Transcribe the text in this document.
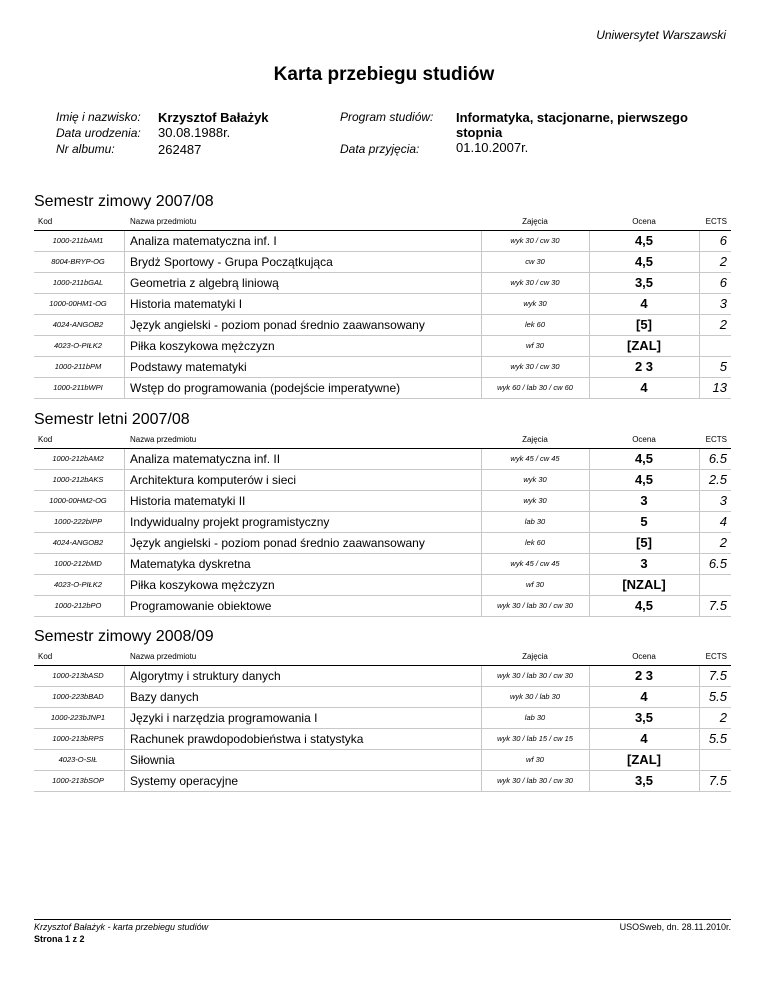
Uniwersytet Warszawski
Karta przebiegu studiów
Imię i nazwisko: Krzysztof Bałażyk
Data urodzenia: 30.08.1988r.
Nr albumu:	262487
Program studiów: Informatyka, stacjonarne, pierwszego stopnia
Data przyjęcia:	01.10.2007r.
Semestr zimowy 2007/08
Kod	Nazwa przedmiotu	Zajęcia	Ocena	ECTS
1000-211bAM1	Analiza matematyczna inf. I	wyk 30 / cw 30	4,5	6
8004-BRYP-OG	Brydż Sportowy - Grupa Początkująca	cw 30	4,5	2
1000-211bGAL	Geometria z algebrą liniową	wyk 30 / cw 30	3,5	6
1000-00HM1-OG	Historia matematyki I	wyk 30	4	3
4024-ANGOB2	Język angielski - poziom ponad średnio zaawansowany	lek 60	[5]	2
4023-O-PIŁK2	Piłka koszykowa mężczyzn	wf 30	[ZAL]
1000-211bPM	Podstawy matematyki	wyk 30 / cw 30	2 3	5
1000-211bWPI	Wstęp do programowania (podejście imperatywne)	wyk 60 / lab 30 / cw 60	4	13
Semestr letni 2007/08
Kod	Nazwa przedmiotu	Zajęcia	Ocena	ECTS
1000-212bAM2	Analiza matematyczna inf. II	wyk 45 / cw 45	4,5	6.5
1000-212bAKS	Architektura komputerów i sieci	wyk 30	4,5	2.5
1000-00HM2-OG	Historia matematyki II	wyk 30	3	3
1000-222bIPP	Indywidualny projekt programistyczny	lab 30	5	4
4024-ANGOB2	Język angielski - poziom ponad średnio zaawansowany	lek 60	[5]	2
1000-212bMD	Matematyka dyskretna	wyk 45 / cw 45	3	6.5
4023-O-PIŁK2	Piłka koszykowa mężczyzn	wf 30	[NZAL]
1000-212bPO	Programowanie obiektowe	wyk 30 / lab 30 / cw 30	4,5	7.5
Semestr zimowy 2008/09
Kod	Nazwa przedmiotu	Zajęcia	Ocena	ECTS
1000-213bASD	Algorytmy i struktury danych	wyk 30 / lab 30 / cw 30	2 3	7.5
1000-223bBAD	Bazy danych	wyk 30 / lab 30	4	5.5
1000-223bJNP1	Języki i narzędzia programowania I	lab 30	3,5	2
1000-213bRPS	Rachunek prawdopodobieństwa i statystyka	wyk 30 / lab 15 / cw 15	4	5.5
4023-O-SIŁ	Siłownia	wf 30	[ZAL]
1000-213bSOP	Systemy operacyjne	wyk 30 / lab 30 / cw 30	3,5	7.5
Krzysztof Bałażyk - karta przebiegu studiów
Strona 1 z 2
USOSweb, dn. 28.11.2010r.
